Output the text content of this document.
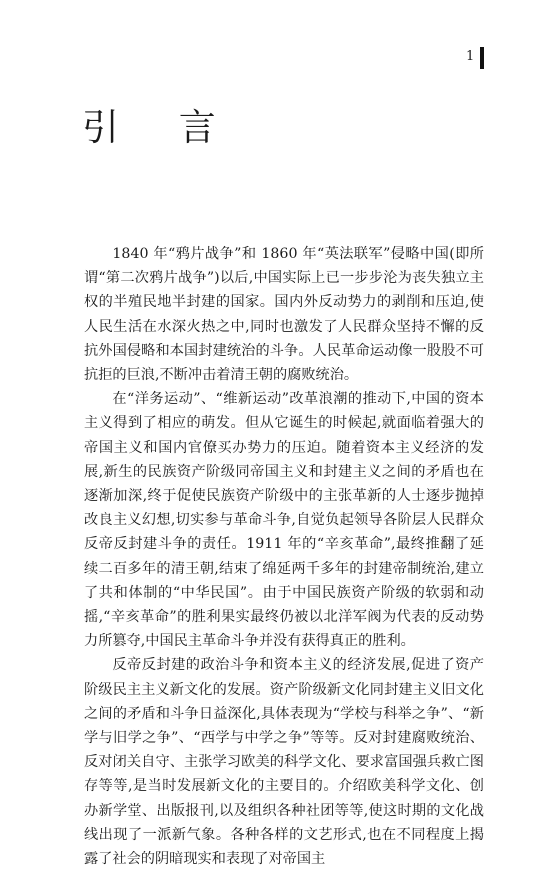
1
引 言

1840 年“鸦片战争”和 1860 年“英法联军”侵略中国(即所谓“第二次鸦片战争”)以后,中国实际上已一步步沦为丧失独立主权的半殖民地半封建的国家。国内外反动势力的剥削和压迫,使人民生活在水深火热之中,同时也激发了人民群众坚持不懈的反抗外国侵略和本国封建统治的斗争。人民革命运动像一股股不可抗拒的巨浪,不断冲击着清王朝的腐败统治。

在“洋务运动”、“维新运动”改革浪潮的推动下,中国的资本主义得到了相应的萌发。但从它诞生的时候起,就面临着强大的帝国主义和国内官僚买办势力的压迫。随着资本主义经济的发展,新生的民族资产阶级同帝国主义和封建主义之间的矛盾也在逐渐加深,终于促使民族资产阶级中的主张革新的人士逐步抛掉改良主义幻想,切实参与革命斗争,自觉负起领导各阶层人民群众反帝反封建斗争的责任。1911 年的“辛亥革命”,最终推翻了延续二百多年的清王朝,结束了绵延两千多年的封建帝制统治,建立了共和体制的“中华民国”。由于中国民族资产阶级的软弱和动摇,“辛亥革命”的胜利果实最终仍被以北洋军阀为代表的反动势力所篡夺,中国民主革命斗争并没有获得真正的胜利。

反帝反封建的政治斗争和资本主义的经济发展,促进了资产阶级民主主义新文化的发展。资产阶级新文化同封建主义旧文化之间的矛盾和斗争日益深化,具体表现为“学校与科举之争”、“新学与旧学之争”、“西学与中学之争”等等。反对封建腐败统治、反对闭关自守、主张学习欧美的科学文化、要求富国强兵救亡图存等等,是当时发展新文化的主要目的。介绍欧美科学文化、创办新学堂、出版报刊,以及组织各种社团等等,使这时期的文化战线出现了一派新气象。各种各样的文艺形式,也在不同程度上揭露了社会的阴暗现实和表现了对帝国主
